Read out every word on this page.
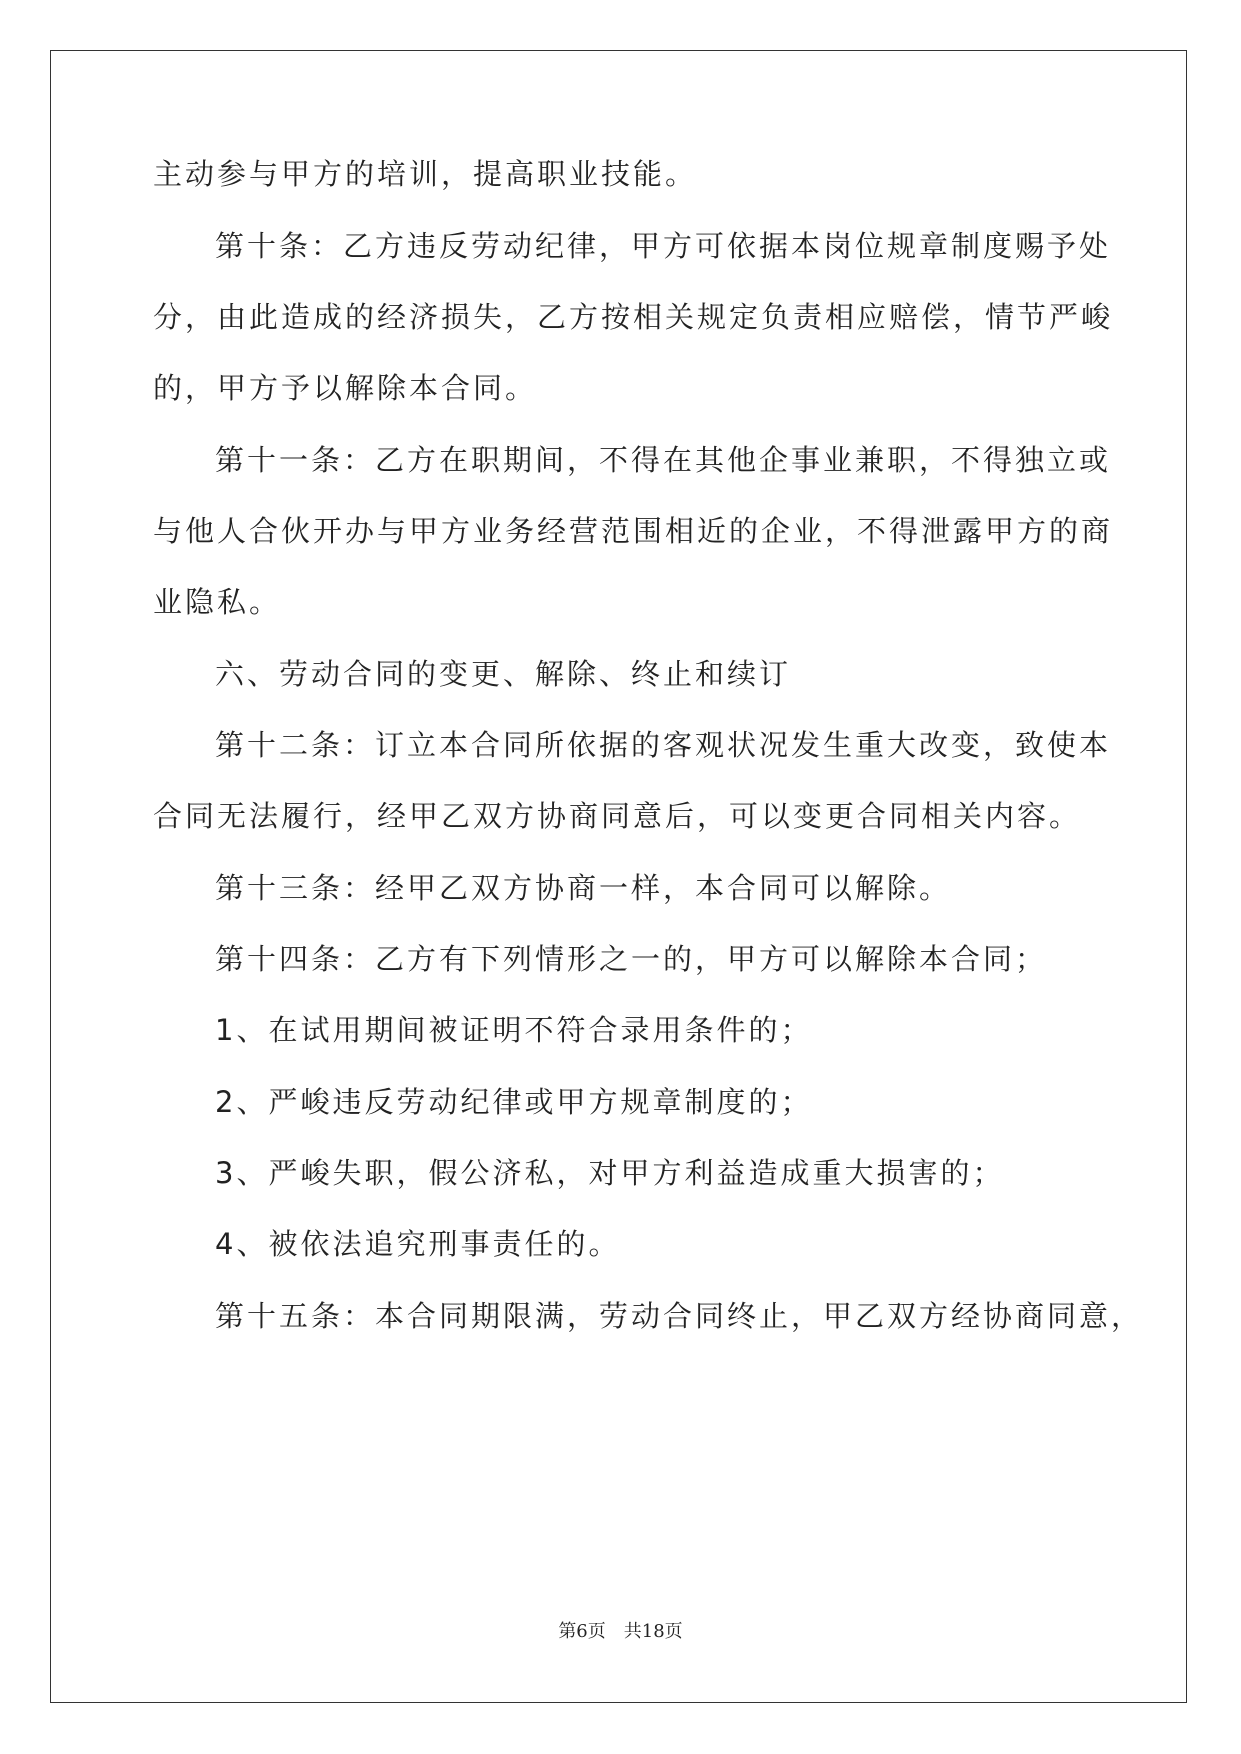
主动参与甲方的培训，提高职业技能。
第十条：乙方违反劳动纪律，甲方可依据本岗位规章制度赐予处
分，由此造成的经济损失，乙方按相关规定负责相应赔偿，情节严峻
的，甲方予以解除本合同。
第十一条：乙方在职期间，不得在其他企事业兼职，不得独立或
与他人合伙开办与甲方业务经营范围相近的企业，不得泄露甲方的商
业隐私。
六、劳动合同的变更、解除、终止和续订
第十二条：订立本合同所依据的客观状况发生重大改变，致使本
合同无法履行，经甲乙双方协商同意后，可以变更合同相关内容。
第十三条：经甲乙双方协商一样，本合同可以解除。
第十四条：乙方有下列情形之一的，甲方可以解除本合同；
1、在试用期间被证明不符合录用条件的；
2、严峻违反劳动纪律或甲方规章制度的；
3、严峻失职，假公济私，对甲方利益造成重大损害的；
4、被依法追究刑事责任的。
第十五条：本合同期限满，劳动合同终止，甲乙双方经协商同意，
第6页 共18页
